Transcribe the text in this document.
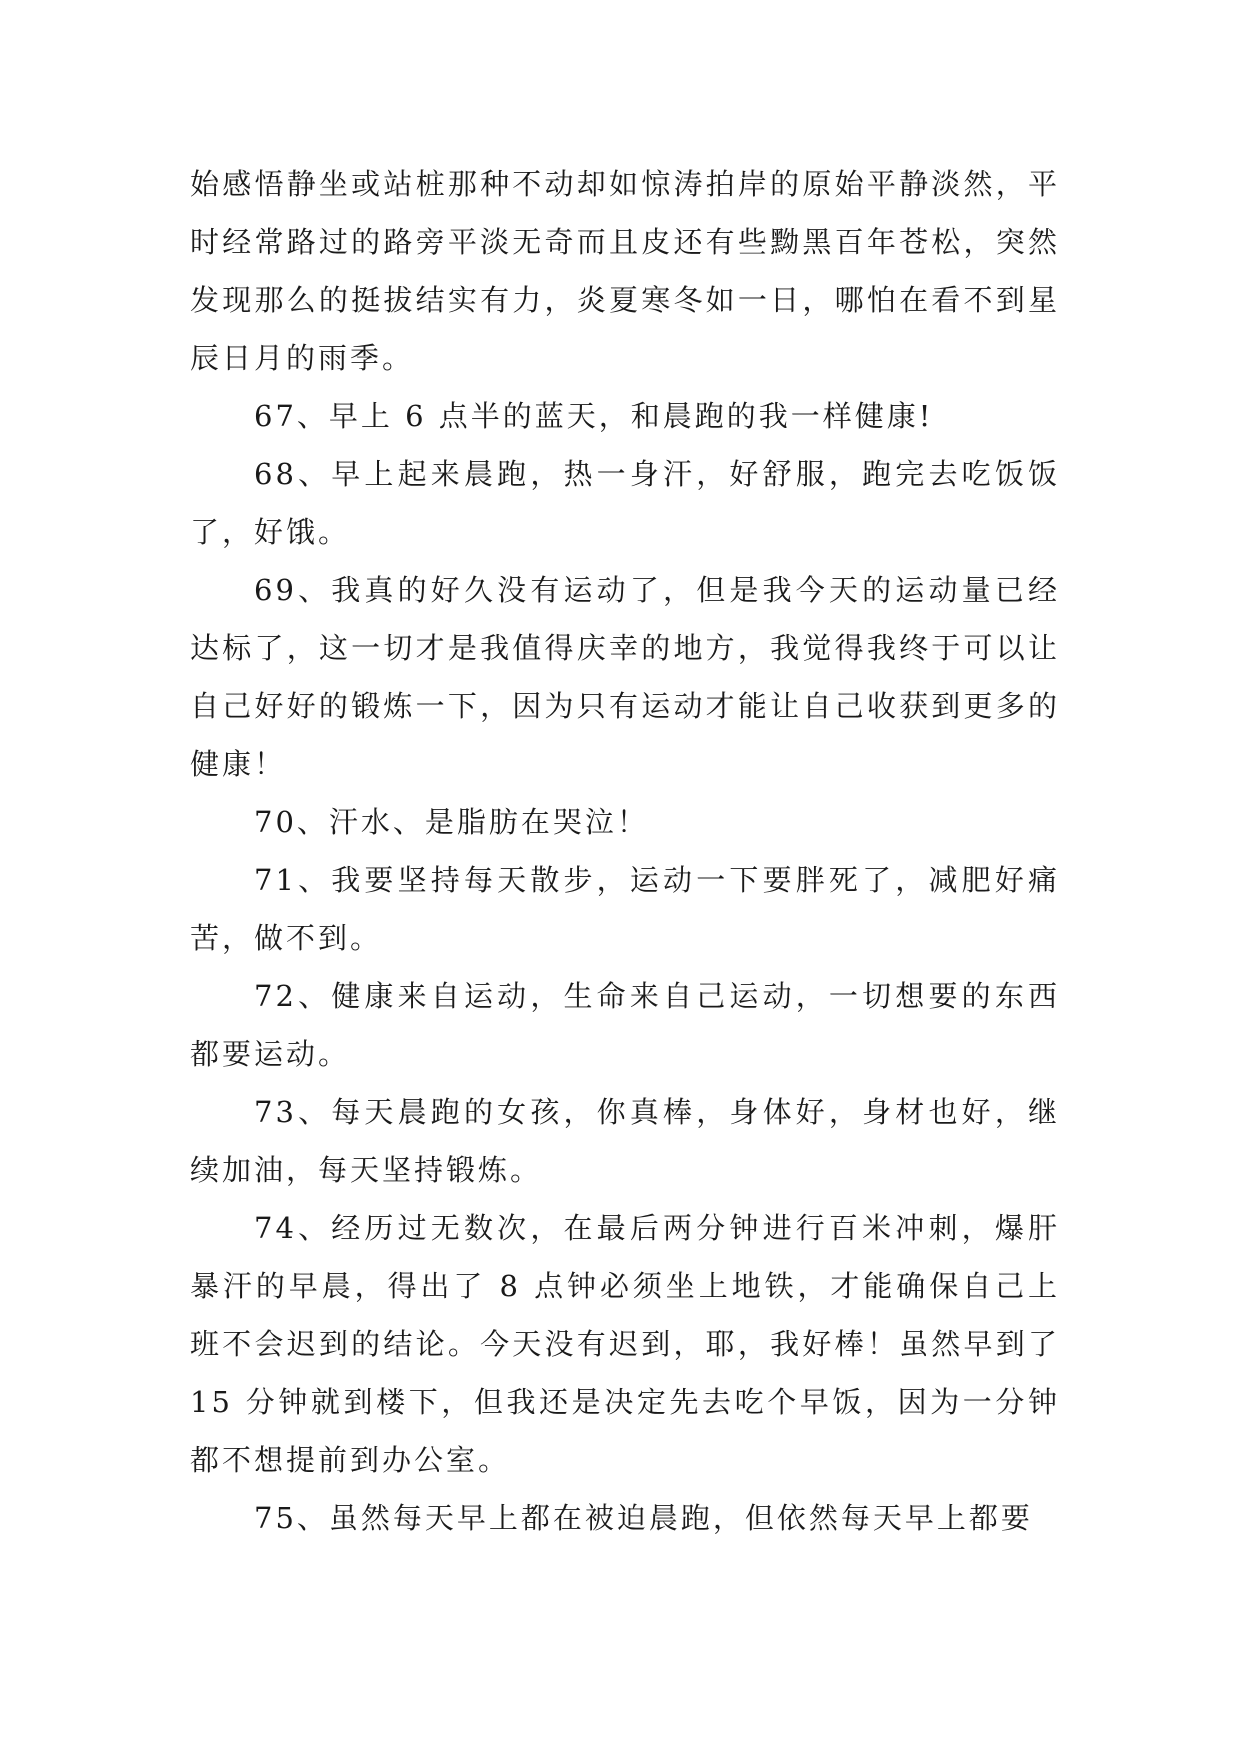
始感悟静坐或站桩那种不动却如惊涛拍岸的原始平静淡然，平时经常路过的路旁平淡无奇而且皮还有些黝黑百年苍松，突然发现那么的挺拔结实有力，炎夏寒冬如一日，哪怕在看不到星辰日月的雨季。

67、早上 6 点半的蓝天，和晨跑的我一样健康!

68、早上起来晨跑，热一身汗，好舒服，跑完去吃饭饭了，好饿。

69、我真的好久没有运动了，但是我今天的运动量已经达标了，这一切才是我值得庆幸的地方，我觉得我终于可以让自己好好的锻炼一下，因为只有运动才能让自己收获到更多的健康！

70、汗水、是脂肪在哭泣！

71、我要坚持每天散步，运动一下要胖死了，减肥好痛苦，做不到。

72、健康来自运动，生命来自己运动，一切想要的东西都要运动。

73、每天晨跑的女孩，你真棒，身体好，身材也好，继续加油，每天坚持锻炼。

74、经历过无数次，在最后两分钟进行百米冲刺，爆肝暴汗的早晨，得出了 8 点钟必须坐上地铁，才能确保自己上班不会迟到的结论。今天没有迟到，耶，我好棒！虽然早到了 15 分钟就到楼下，但我还是决定先去吃个早饭，因为一分钟都不想提前到办公室。

75、虽然每天早上都在被迫晨跑，但依然每天早上都要
